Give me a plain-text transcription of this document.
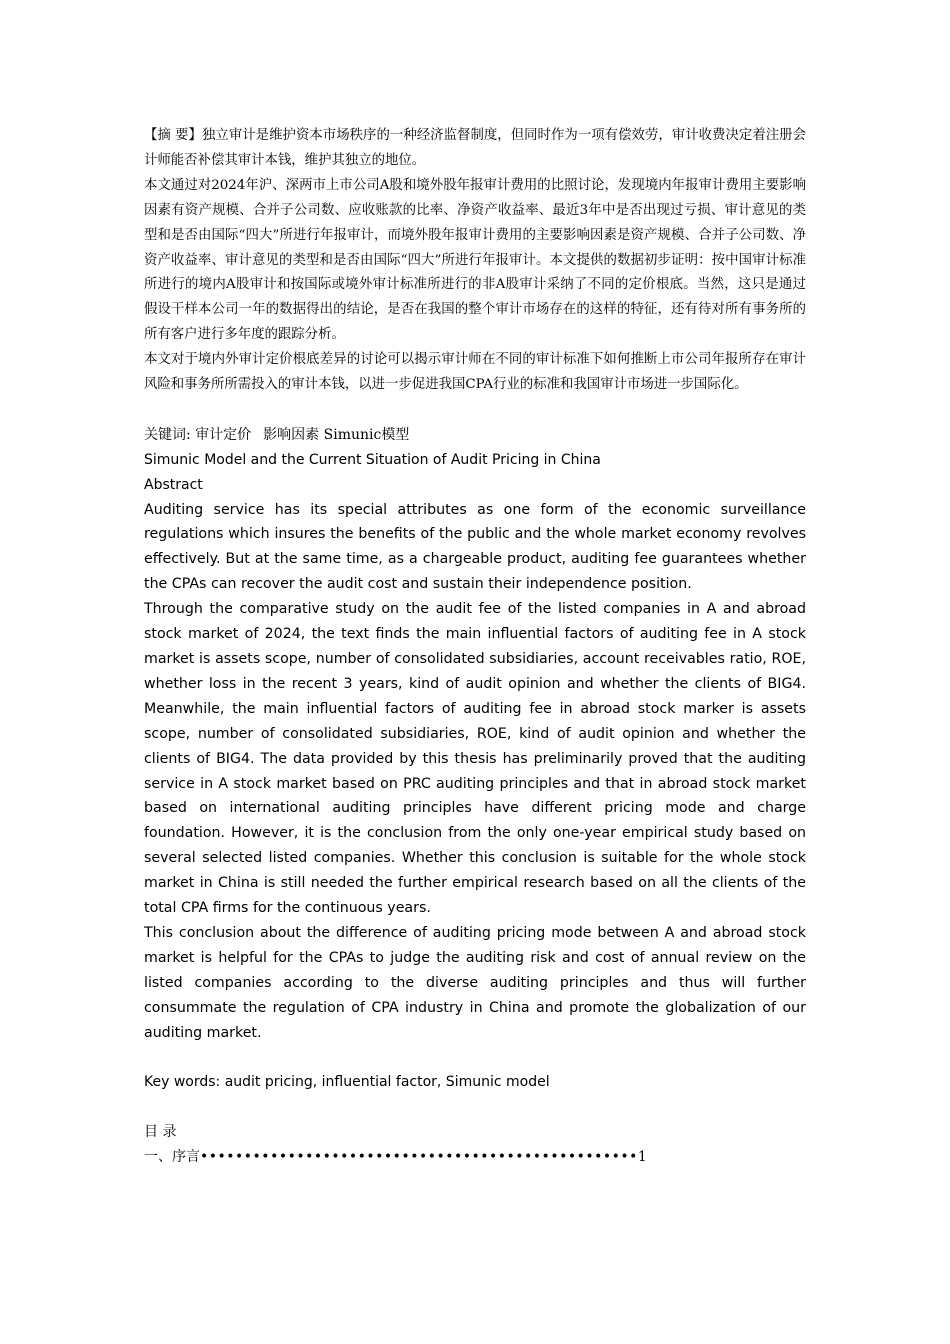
【摘 要】独立审计是维护资本市场秩序的一种经济监督制度，但同时作为一项有偿效劳，审计收费决定着注册会计师能否补偿其审计本钱，维护其独立的地位。

本文通过对2024年沪、深两市上市公司A股和境外股年报审计费用的比照讨论，发现境内年报审计费用主要影响因素有资产规模、合并子公司数、应收账款的比率、净资产收益率、最近3年中是否出现过亏损、审计意见的类型和是否由国际“四大”所进行年报审计，而境外股年报审计费用的主要影响因素是资产规模、合并子公司数、净资产收益率、审计意见的类型和是否由国际“四大”所进行年报审计。本文提供的数据初步证明：按中国审计标准所进行的境内A股审计和按国际或境外审计标准所进行的非A股审计采纳了不同的定价根底。当然，这只是通过假设干样本公司一年的数据得出的结论，是否在我国的整个审计市场存在的这样的特征，还有待对所有事务所的所有客户进行多年度的跟踪分析。

本文对于境内外审计定价根底差异的讨论可以揭示审计师在不同的审计标准下如何推断上市公司年报所存在审计风险和事务所所需投入的审计本钱，以进一步促进我国CPA行业的标准和我国审计市场进一步国际化。

关键词: 审计定价 影响因素 Simunic模型

Simunic Model and the Current Situation of Audit Pricing in China

Abstract

Auditing service has its special attributes as one form of the economic surveillance regulations which insures the benefits of the public and the whole market economy revolves effectively. But at the same time, as a chargeable product, auditing fee guarantees whether the CPAs can recover the audit cost and sustain their independence position.

Through the comparative study on the audit fee of the listed companies in A and abroad stock market of 2024, the text finds the main influential factors of auditing fee in A stock market is assets scope, number of consolidated subsidiaries, account receivables ratio, ROE, whether loss in the recent 3 years, kind of audit opinion and whether the clients of BIG4. Meanwhile, the main influential factors of auditing fee in abroad stock marker is assets scope, number of consolidated subsidiaries, ROE, kind of audit opinion and whether the clients of BIG4. The data provided by this thesis has preliminarily proved that the auditing service in A stock market based on PRC auditing principles and that in abroad stock market based on international auditing principles have different pricing mode and charge foundation. However, it is the conclusion from the only one-year empirical study based on several selected listed companies. Whether this conclusion is suitable for the whole stock market in China is still needed the further empirical research based on all the clients of the total CPA firms for the continuous years.

This conclusion about the difference of auditing pricing mode between A and abroad stock market is helpful for the CPAs to judge the auditing risk and cost of annual review on the listed companies according to the diverse auditing principles and thus will further consummate the regulation of CPA industry in China and promote the globalization of our auditing market.

Key words: audit pricing, influential factor, Simunic model

目 录

一、序言••••••••••••••••••••••••••••••••••••••••••••••••••1
